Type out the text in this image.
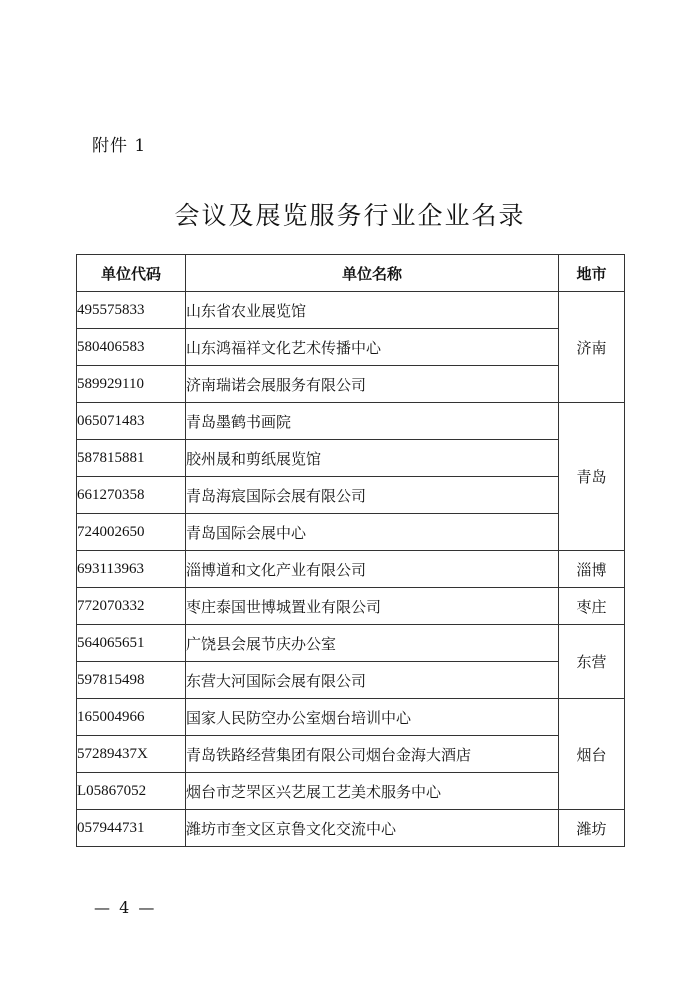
附件 1
会议及展览服务行业企业名录
单位代码	单位名称	地市
495575833	山东省农业展览馆	济南
580406583	山东鸿福祥文化艺术传播中心	
589929110	济南瑞诺会展服务有限公司	
065071483	青岛墨鹤书画院	青岛
587815881	胶州晟和剪纸展览馆	
661270358	青岛海宸国际会展有限公司	
724002650	青岛国际会展中心	
693113963	淄博道和文化产业有限公司	淄博
772070332	枣庄泰国世博城置业有限公司	枣庄
564065651	广饶县会展节庆办公室	东营
597815498	东营大河国际会展有限公司	
165004966	国家人民防空办公室烟台培训中心	烟台
57289437X	青岛铁路经营集团有限公司烟台金海大酒店	
L05867052	烟台市芝罘区兴艺展工艺美术服务中心	
057944731	潍坊市奎文区京鲁文化交流中心	潍坊
— 4 —
